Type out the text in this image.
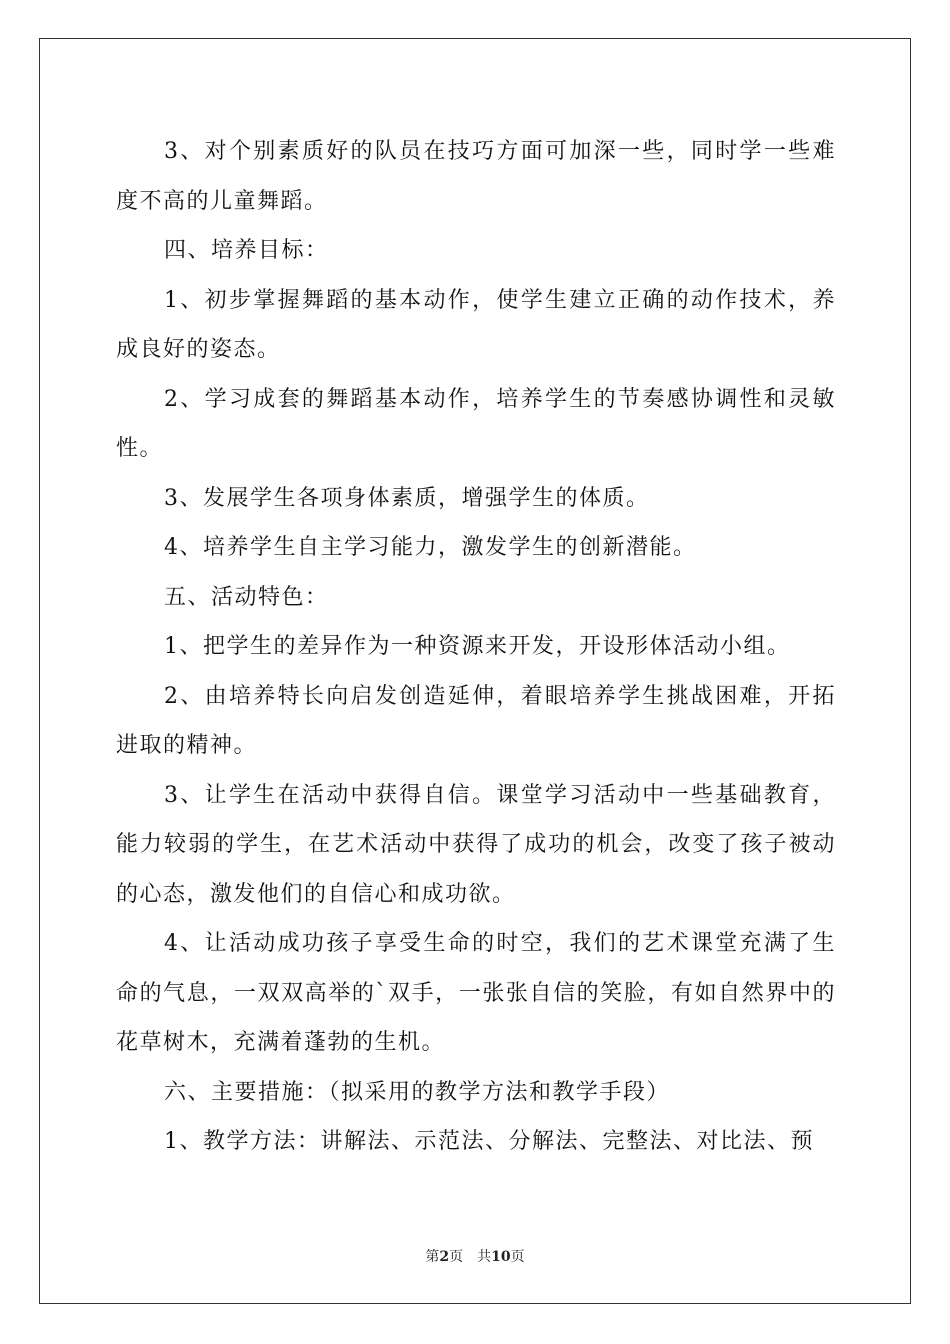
3、对个别素质好的队员在技巧方面可加深一些，同时学一些难度不高的儿童舞蹈。

四、培养目标：

1、初步掌握舞蹈的基本动作，使学生建立正确的动作技术，养成良好的姿态。

2、学习成套的舞蹈基本动作，培养学生的节奏感协调性和灵敏性。

3、发展学生各项身体素质，增强学生的体质。

4、培养学生自主学习能力，激发学生的创新潜能。

五、活动特色：

1、把学生的差异作为一种资源来开发，开设形体活动小组。

2、由培养特长向启发创造延伸，着眼培养学生挑战困难，开拓进取的精神。

3、让学生在活动中获得自信。课堂学习活动中一些基础教育，能力较弱的学生，在艺术活动中获得了成功的机会，改变了孩子被动的心态，激发他们的自信心和成功欲。

4、让活动成功孩子享受生命的时空，我们的艺术课堂充满了生命的气息，一双双高举的`双手，一张张自信的笑脸，有如自然界中的花草树木，充满着蓬勃的生机。

六、主要措施：（拟采用的教学方法和教学手段）

1、教学方法：讲解法、示范法、分解法、完整法、对比法、预

第2页 共10页
